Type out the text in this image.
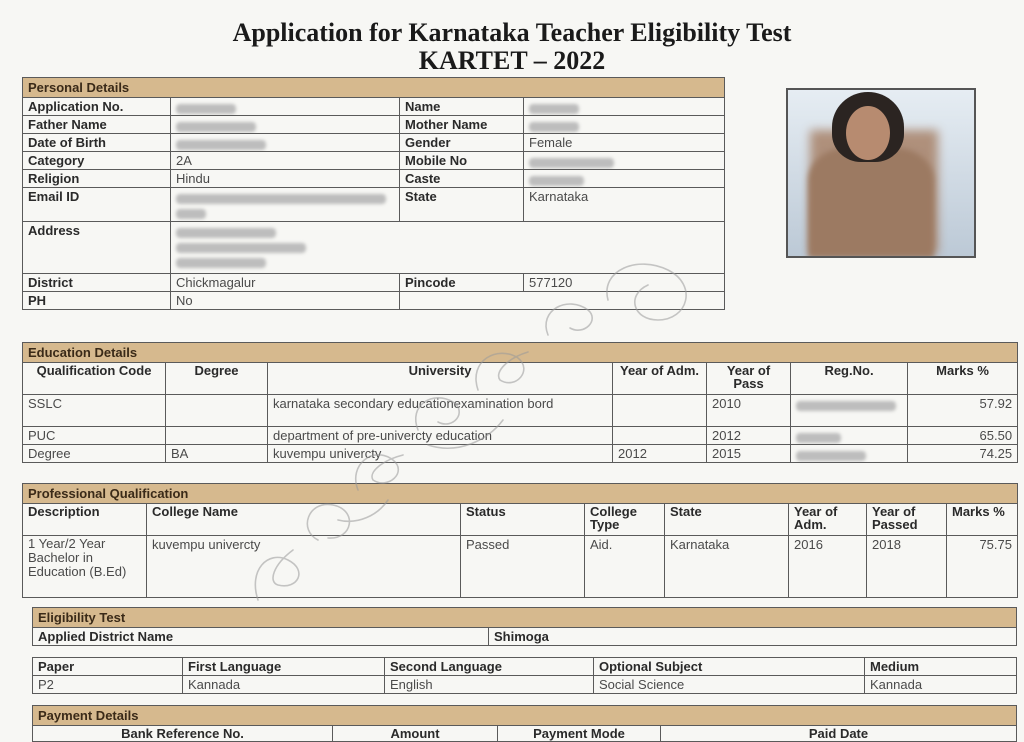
Application for Karnataka Teacher Eligibility Test
KARTET – 2022
Personal Details			
Application No.		Name	
Father Name		Mother Name	
Date of Birth		Gender	Female
Category	2A	Mobile No	
Religion	Hindu	Caste	
Email ID		State	Karnataka
Address			

District	Chickmagalur	Pincode	577120
PH	No		
Education Details						
Qualification Code	Degree	University	Year of Adm.	Year of Pass	Reg.No.	Marks %
SSLC		karnataka secondary educationexamination bord		2010		57.92
PUC		department of pre-univercty education		2012		65.50
Degree	BA	kuvempu univercty	2012	2015		74.25
Professional Qualification							
Description	College Name	Status	College Type	State	Year of Adm.	Year of Passed	Marks %
1 Year/2 Year Bachelor in Education (B.Ed)	kuvempu univercty	Passed	Aid.	Karnataka	2016	2018	75.75
Eligibility Test
Applied District Name	Shimoga
Paper	First Language	Second Language	Optional Subject	Medium
P2	Kannada	English	Social Science	Kannada
Payment Details
Bank Reference No.	Amount	Payment Mode	Paid Date
